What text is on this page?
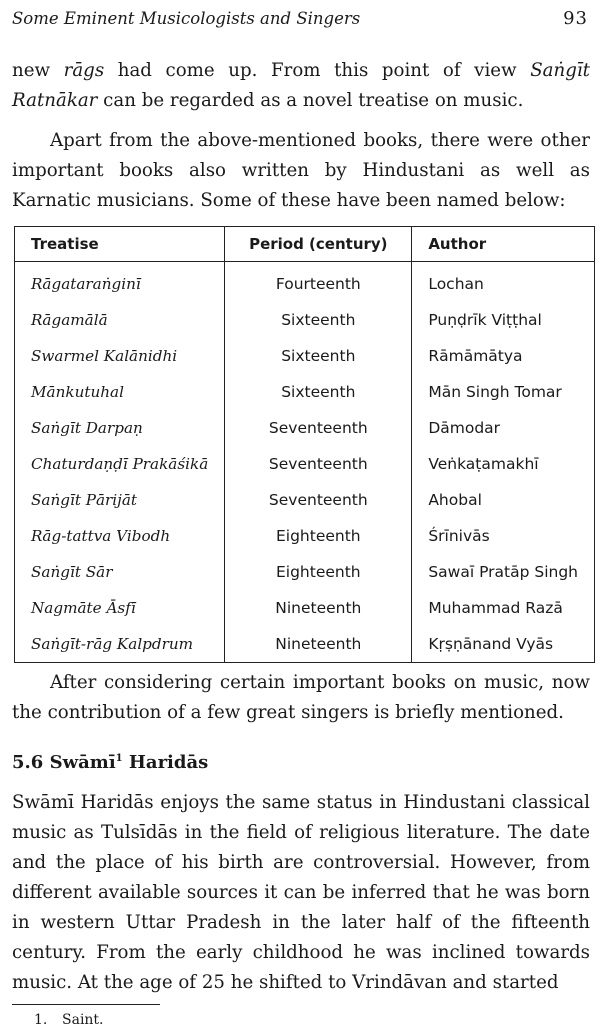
Some Eminent Musicologists and Singers	93

new rāgs had come up. From this point of view Saṅgīt Ratnākar can be regarded as a novel treatise on music.

Apart from the above-mentioned books, there were other important books also written by Hindustani as well as Karnatic musicians. Some of these have been named below:

Treatise	Period (century)	Author
Rāgataraṅginī	Fourteenth	Lochan
Rāgamālā	Sixteenth	Puṇḍrīk Viṭṭhal
Swarmel Kalānidhi	Sixteenth	Rāmāmātya
Mānkutuhal	Sixteenth	Mān Singh Tomar
Saṅgīt Darpaṇ	Seventeenth	Dāmodar
Chaturdaṇḍī Prakāśikā	Seventeenth	Veṅkaṭamakhī
Saṅgīt Pārijāt	Seventeenth	Ahobal
Rāg-tattva Vibodh	Eighteenth	Śrīnivās
Saṅgīt Sār	Eighteenth	Sawaī Pratāp Singh
Nagmāte Āsfī	Nineteenth	Muhammad Razā
Saṅgīt-rāg Kalpdrum	Nineteenth	Kṛṣṇānand Vyās

After considering certain important books on music, now the contribution of a few great singers is briefly mentioned.

5.6 Swāmī$^1$ Haridās

Swāmī Haridās enjoys the same status in Hindustani classical music as Tulsīdās in the field of religious literature. The date and the place of his birth are controversial. However, from different available sources it can be inferred that he was born in western Uttar Pradesh in the later half of the fifteenth century. From the early childhood he was inclined towards music. At the age of 25 he shifted to Vrindāvan and started

1. Saint.
